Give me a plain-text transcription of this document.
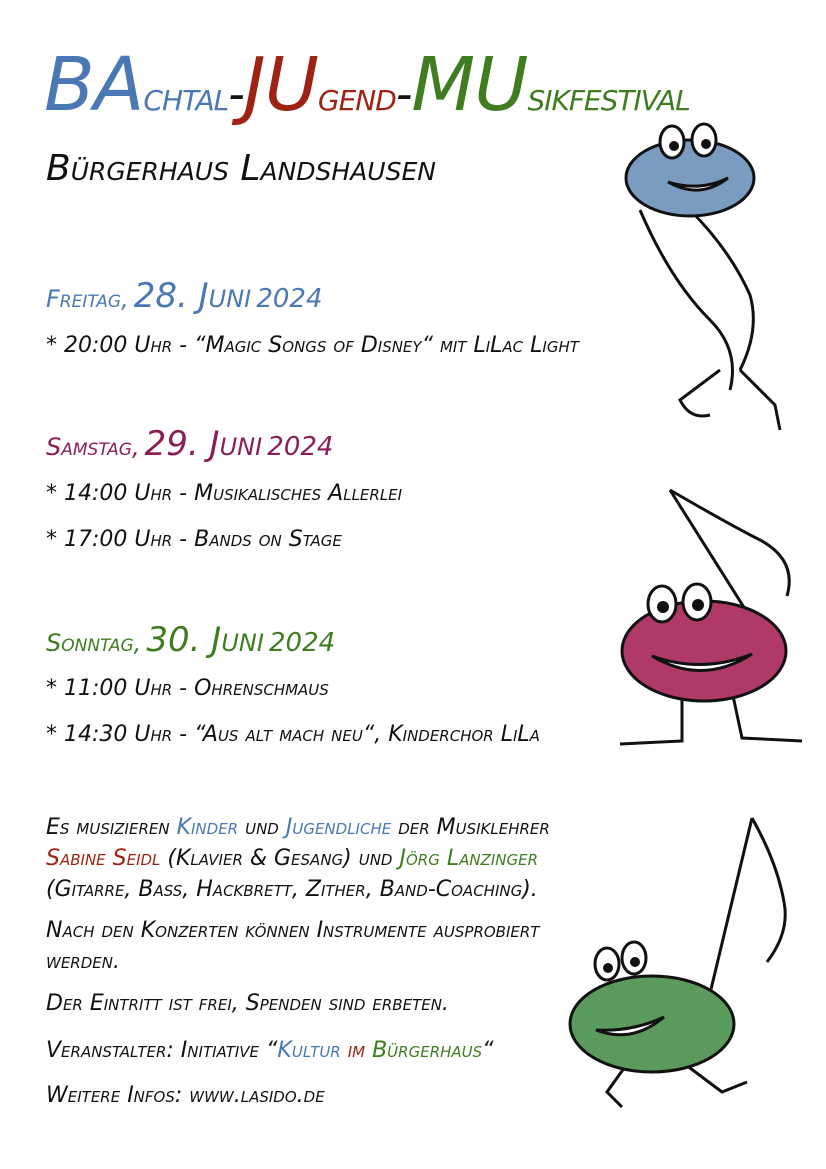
BAchtal-JUgend-MUsikfestival
Bürgerhaus Landshausen
Freitag, 28. Juni 2024
* 20:00 Uhr - “Magic Songs of Disney“ mit LiLac Light
Samstag, 29. Juni 2024
* 14:00 Uhr - Musikalisches Allerlei
* 17:00 Uhr - Bands on Stage
Sonntag, 30. Juni 2024
* 11:00 Uhr - Ohrenschmaus
* 14:30 Uhr - “Aus alt mach neu“, Kinderchor LiLa
Es musizieren Kinder und Jugendliche der Musiklehrer
Sabine Seidl (Klavier & Gesang) und Jörg Lanzinger
(Gitarre, Bass, Hackbrett, Zither, Band-Coaching).
Nach den Konzerten können Instrumente ausprobiert werden.
Der Eintritt ist frei, Spenden sind erbeten.
Veranstalter: Initiative “Kultur im Bürgerhaus“
Weitere Infos: www.lasido.de
